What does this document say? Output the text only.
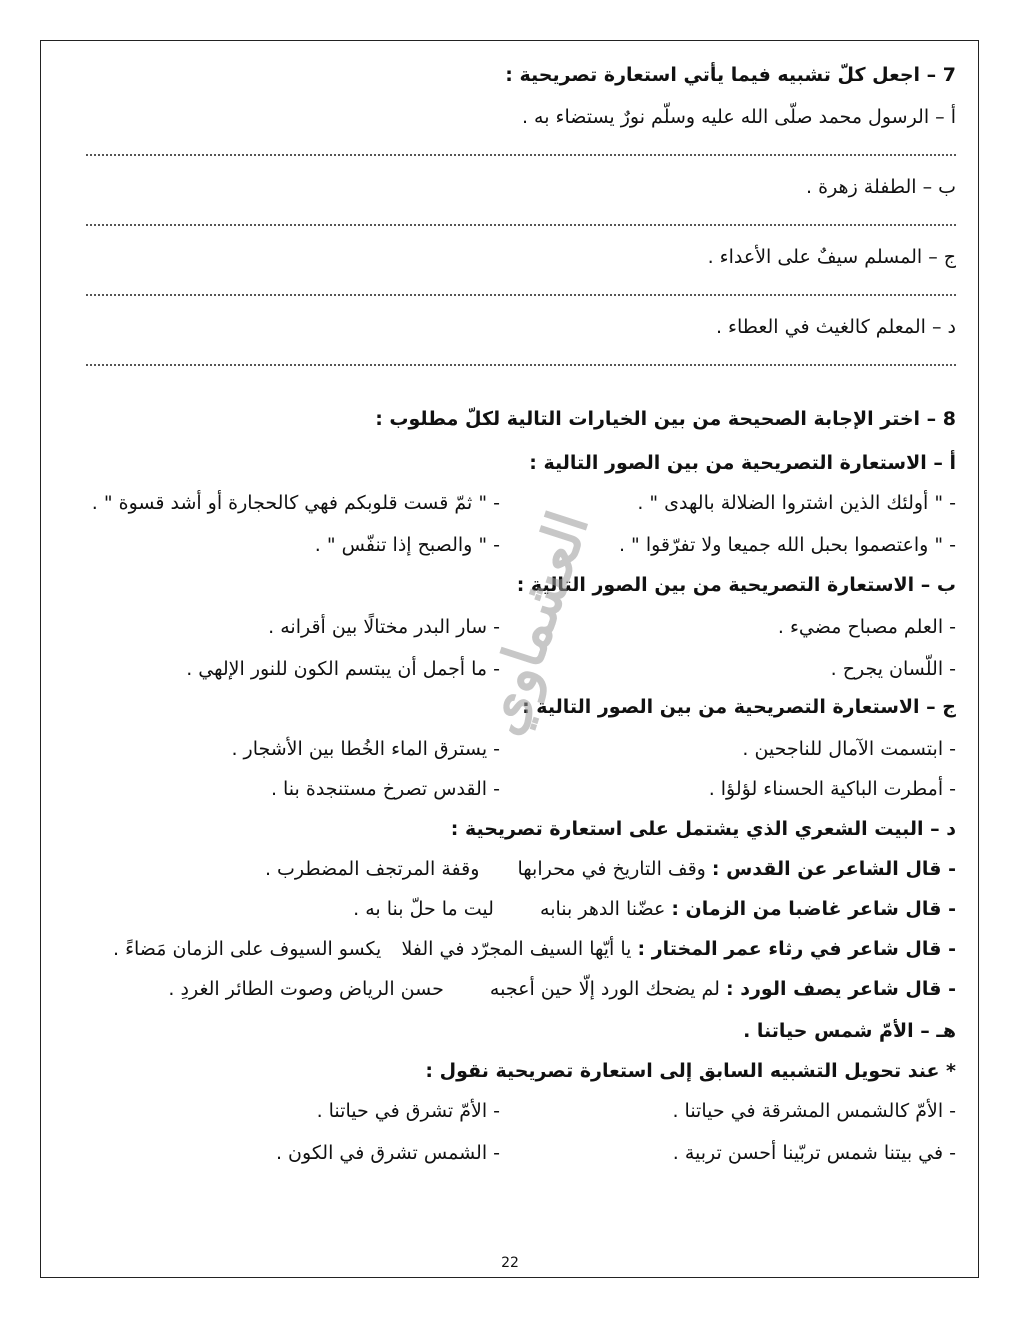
7 – اجعل كلّ تشبيه فيما يأتي استعارة تصريحية :
أ – الرسول محمد صلّى الله عليه وسلّم نورٌ يستضاء به .
ب – الطفلة زهرة .
ج – المسلم سيفٌ على الأعداء .
د – المعلم كالغيث في العطاء .
8 – اختر الإجابة الصحيحة من بين الخيارات التالية لكلّ مطلوب :
أ – الاستعارة التصريحية من بين الصور التالية :
- " أولئك الذين اشتروا الضلالة بالهدى " .
- " ثمّ قست قلوبكم فهي كالحجارة أو أشد قسوة " .
- " واعتصموا بحبل الله جميعا ولا تفرّقوا " .
- " والصبح إذا تنفّس " .
ب – الاستعارة التصريحية من بين الصور التالية :
- العلم مصباح مضيء .
- سار البدر مختالًا بين أقرانه .
- اللّسان يجرح .
- ما أجمل أن يبتسم الكون للنور الإلهي .
ج – الاستعارة التصريحية من بين الصور التالية :
- ابتسمت الآمال للناجحين .
- يسترق الماء الخُطا بين الأشجار .
- أمطرت الباكية الحسناء لؤلؤا .
- القدس تصرخ مستنجدة بنا .
د – البيت الشعري الذي يشتمل على استعارة تصريحية :
- قال الشاعر عن القدس : وقف التاريخ في محرابها  وقفة المرتجف المضطرب .
- قال شاعر غاضبا من الزمان : عضّنا الدهر بنابه  ليت ما حلّ بنا به .
- قال شاعر في رثاء عمر المختار : يا أيّها السيف المجرّد في الفلا  يكسو السيوف على الزمان مَضاءً .
- قال شاعر يصف الورد : لم يضحك الورد إلّا حين أعجبه  حسن الرياض وصوت الطائر الغردِ .
هـ – الأمّ شمس حياتنا .
* عند تحويل التشبيه السابق إلى استعارة تصريحية نقول :
- الأمّ كالشمس المشرقة في حياتنا .
- الأمّ تشرق في حياتنا .
- في بيتنا شمس تربّينا أحسن تربية .
- الشمس تشرق في الكون .
العشماوي
22
